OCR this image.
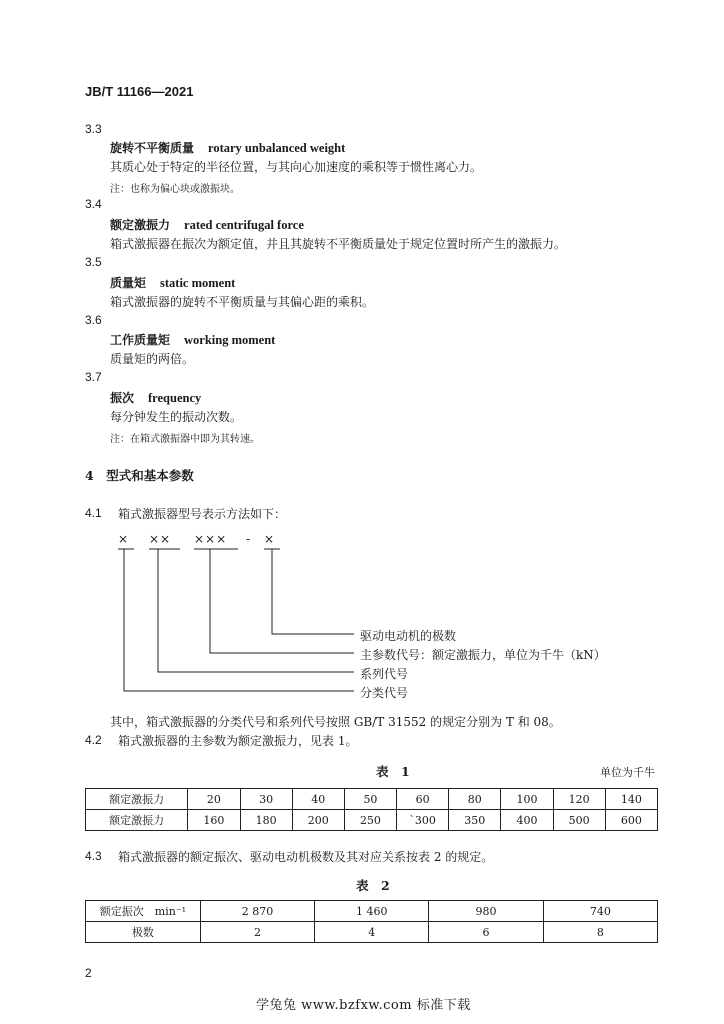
JB/T 11166—2021
3.3
旋转不平衡质量 rotary unbalanced weight
其质心处于特定的半径位置，与其向心加速度的乘积等于惯性离心力。
注：也称为偏心块或激振块。
3.4
额定激振力 rated centrifugal force
箱式激振器在振次为额定值，并且其旋转不平衡质量处于规定位置时所产生的激振力。
3.5
质量矩 static moment
箱式激振器的旋转不平衡质量与其偏心距的乘积。
3.6
工作质量矩 working moment
质量矩的两倍。
3.7
振次 frequency
每分钟发生的振动次数。
注：在箱式激振器中即为其转速。
4　型式和基本参数
4.1 箱式激振器型号表示方法如下：
× ×× ××× - ×
驱动电动机的极数
主参数代号：额定激振力，单位为千牛（kN）
系列代号
分类代号
其中，箱式激振器的分类代号和系列代号按照 GB/T 31552 的规定分别为 T 和 08。
4.2 箱式激振器的主参数为额定激振力，见表 1。
表　1	单位为千牛
额定激振力	20	30	40	50	60	80	100	120	140
额定激振力	160	180	200	250	`300	350	400	500	600
4.3 箱式激振器的额定振次、驱动电动机极数及其对应关系按表 2 的规定。
表　2
额定振次　min⁻¹	2 870	1 460	980	740
极数	2	4	6	8
2
学兔兔 www.bzfxw.com 标准下载
